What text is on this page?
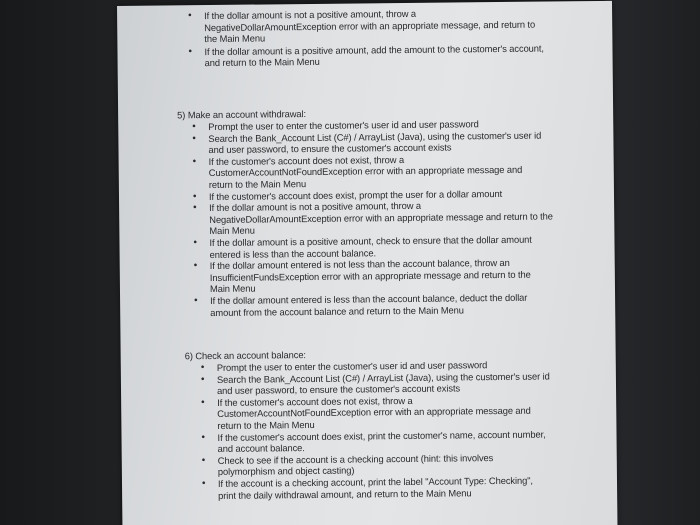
• If the dollar amount is not a positive amount, throw a NegativeDollarAmountException error with an appropriate message, and return to the Main Menu
• If the dollar amount is a positive amount, add the amount to the customer's account, and return to the Main Menu
5) Make an account withdrawal:
• Prompt the user to enter the customer's user id and user password
• Search the Bank_Account List (C#) / ArrayList (Java), using the customer's user id and user password, to ensure the customer's account exists
• If the customer's account does not exist, throw a CustomerAccountNotFoundException error with an appropriate message and return to the Main Menu
• If the customer's account does exist, prompt the user for a dollar amount
• If the dollar amount is not a positive amount, throw a NegativeDollarAmountException error with an appropriate message and return to the Main Menu
• If the dollar amount is a positive amount, check to ensure that the dollar amount entered is less than the account balance.
• If the dollar amount entered is not less than the account balance, throw an InsufficientFundsException error with an appropriate message and return to the Main Menu
• If the dollar amount entered is less than the account balance, deduct the dollar amount from the account balance and return to the Main Menu
6) Check an account balance:
• Prompt the user to enter the customer's user id and user password
• Search the Bank_Account List (C#) / ArrayList (Java), using the customer's user id and user password, to ensure the customer's account exists
• If the customer's account does not exist, throw a CustomerAccountNotFoundException error with an appropriate message and return to the Main Menu
• If the customer's account does exist, print the customer's name, account number, and account balance.
• Check to see if the account is a checking account (hint: this involves polymorphism and object casting)
• If the account is a checking account, print the label "Account Type: Checking", print the daily withdrawal amount, and return to the Main Menu
